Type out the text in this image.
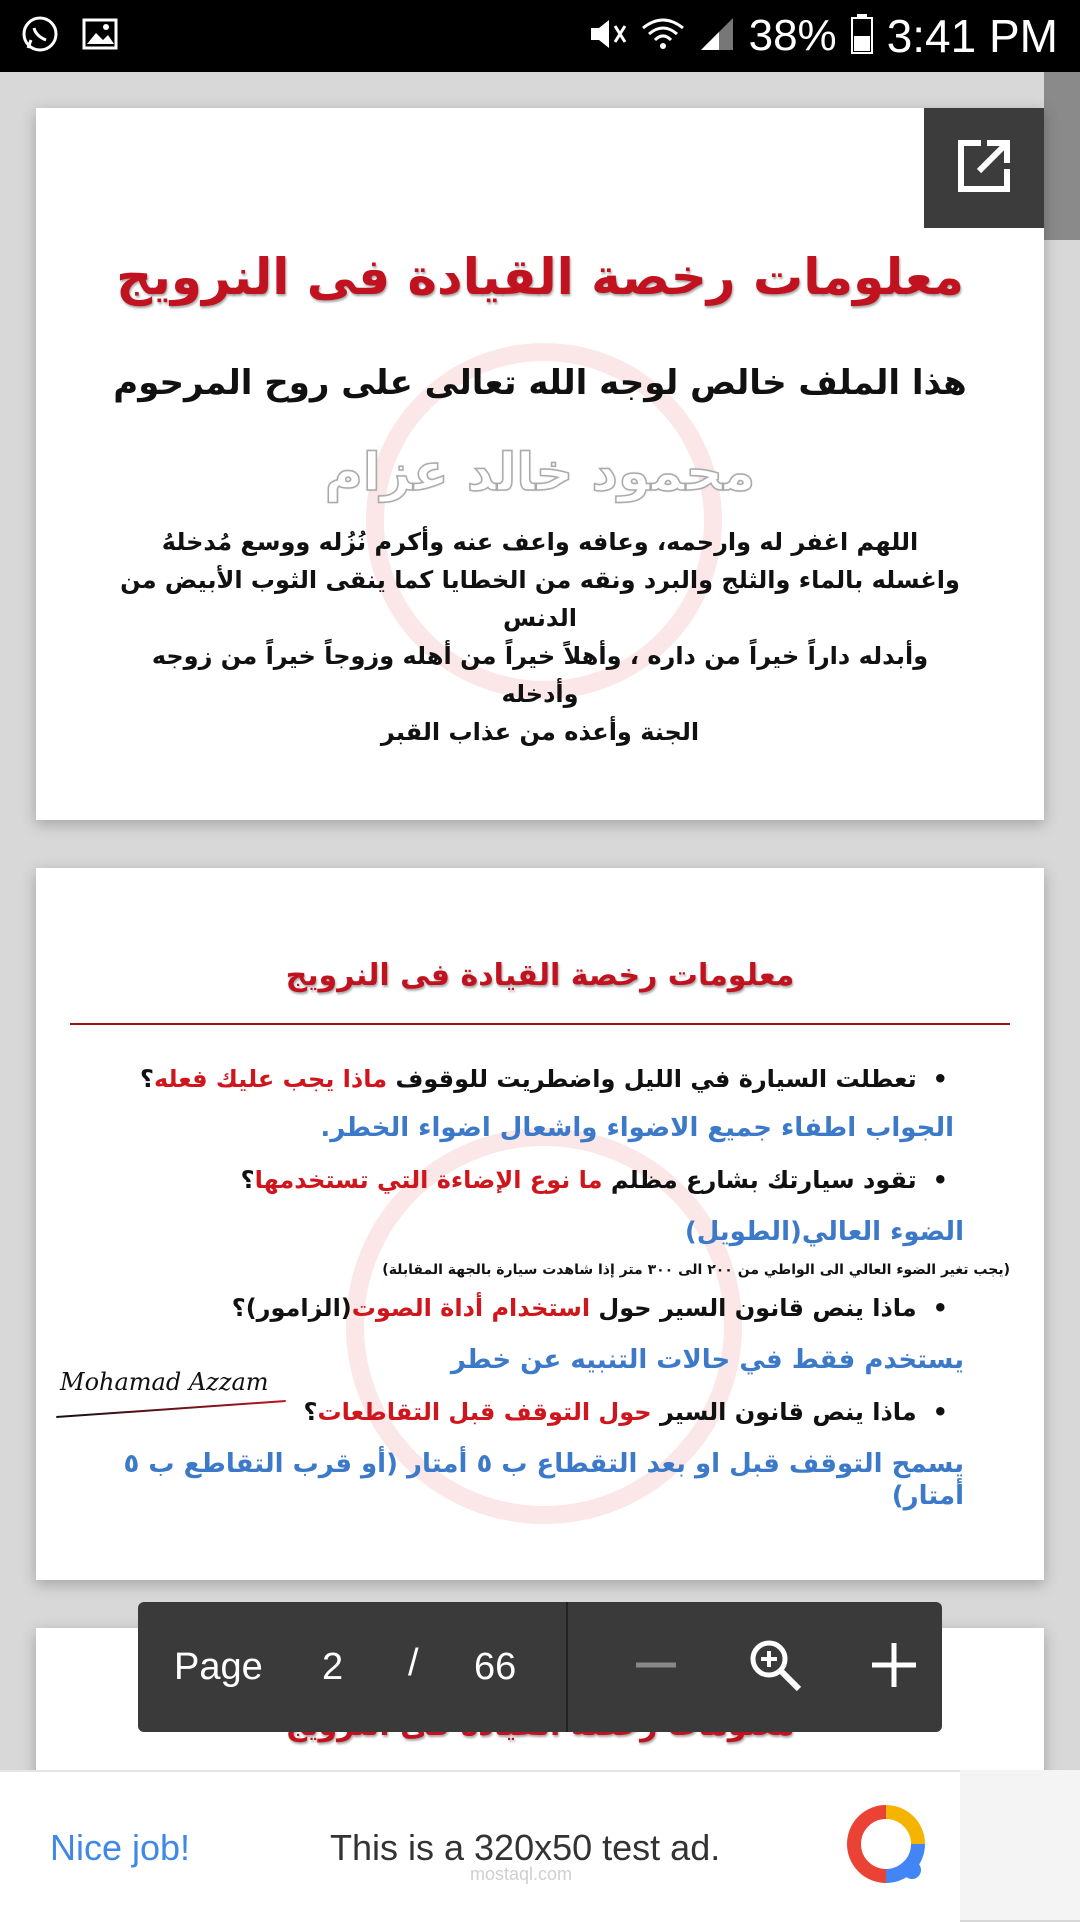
38% 3:41 PM
معلومات رخصة القيادة فى النرويج
هذا الملف خالص لوجه الله تعالى على روح المرحوم
محمود خالد عزام
اللهم اغفر له وارحمه، وعافه واعف عنه وأكرم نُزُله ووسع مُدخلهُ
واغسله بالماء والثلج والبرد ونقه من الخطايا كما ينقى الثوب الأبيض من
الدنس
وأبدله داراً خيراً من داره ، وأهلاً خيراً من أهله وزوجاً خيراً من زوجه وأدخله
الجنة وأعذه من عذاب القبر
معلومات رخصة القيادة فى النرويج
•تعطلت السيارة في الليل واضطريت للوقوف ماذا يجب عليك فعله؟
الجواب اطفاء جميع الاضواء واشعال اضواء الخطر.
•تقود سيارتك بشارع مظلم ما نوع الإضاءة التي تستخدمها؟
الضوء العالي(الطويل)
(يجب تغير الضوء العالي الى الواطي من ٢٠٠ الى ٣٠٠ متر إذا شاهدت سيارة بالجهة المقابلة)
•ماذا ينص قانون السير حول استخدام أداة الصوت(الزامور)؟
يستخدم فقط في حالات التنبيه عن خطر
•ماذا ينص قانون السير حول التوقف قبل التقاطعات؟
يسمح التوقف قبل او بعد التقطاع ب ٥ أمتار (أو قرب التقاطع ب ٥ أمتار)
Mohamad Azzam
Page 2 / 66
Nice job!	This is a 320x50 test ad.
mostaql.com
